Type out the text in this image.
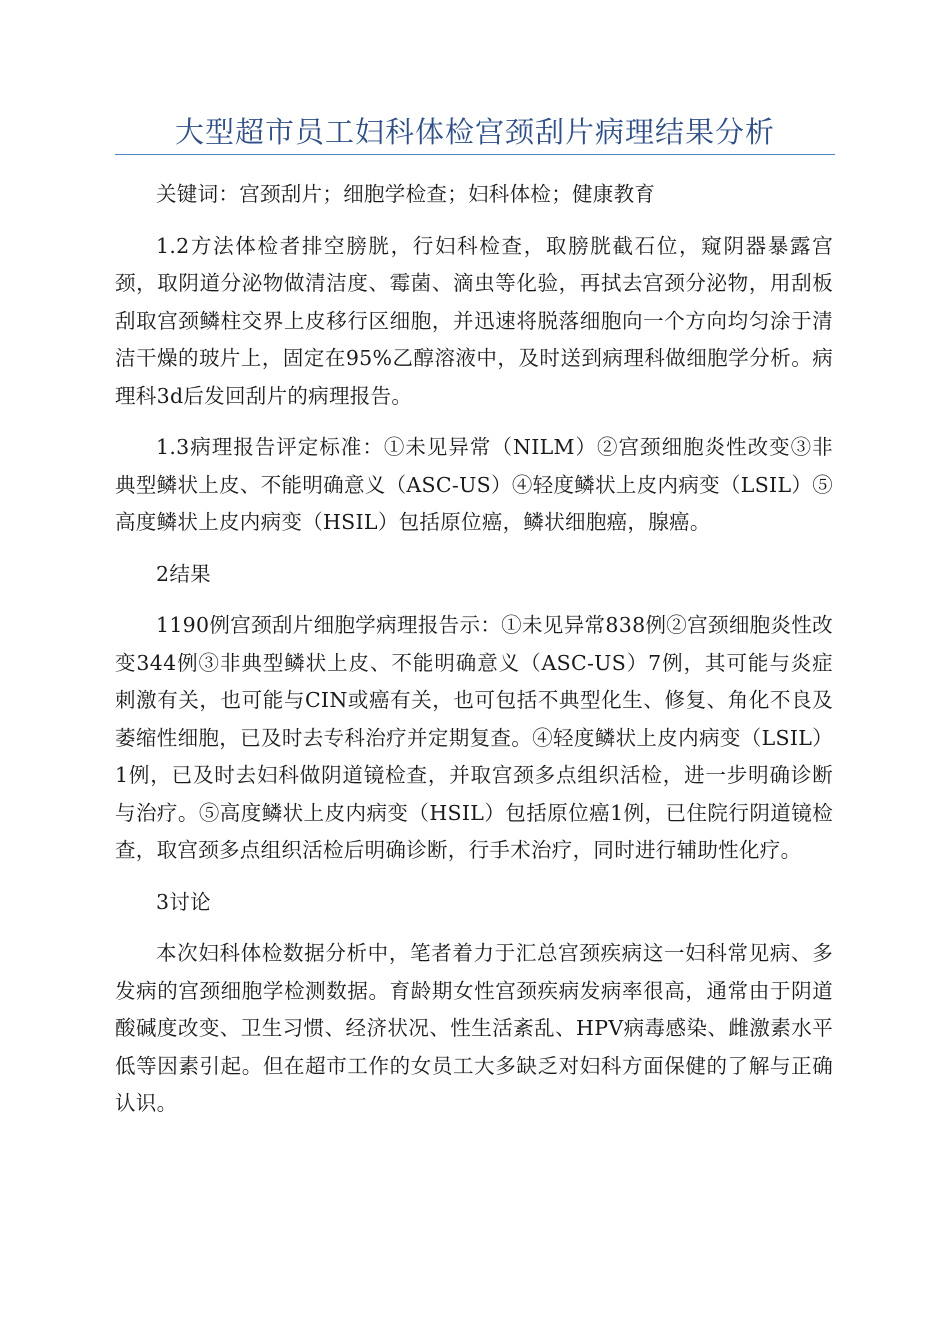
大型超市员工妇科体检宫颈刮片病理结果分析

关键词：宫颈刮片；细胞学检查；妇科体检；健康教育

1.2方法体检者排空膀胱，行妇科检查，取膀胱截石位，窥阴器暴露宫颈，取阴道分泌物做清洁度、霉菌、滴虫等化验，再拭去宫颈分泌物，用刮板刮取宫颈鳞柱交界上皮移行区细胞，并迅速将脱落细胞向一个方向均匀涂于清洁干燥的玻片上，固定在95%乙醇溶液中，及时送到病理科做细胞学分析。病理科3d后发回刮片的病理报告。

1.3病理报告评定标准：①未见异常（NILM）②宫颈细胞炎性改变③非典型鳞状上皮、不能明确意义（ASC-US）④轻度鳞状上皮内病变（LSIL）⑤高度鳞状上皮内病变（HSIL）包括原位癌，鳞状细胞癌，腺癌。

2结果

1190例宫颈刮片细胞学病理报告示：①未见异常838例②宫颈细胞炎性改变344例③非典型鳞状上皮、不能明确意义（ASC-US）7例，其可能与炎症刺激有关，也可能与CIN或癌有关，也可包括不典型化生、修复、角化不良及萎缩性细胞，已及时去专科治疗并定期复查。④轻度鳞状上皮内病变（LSIL）1例，已及时去妇科做阴道镜检查，并取宫颈多点组织活检，进一步明确诊断与治疗。⑤高度鳞状上皮内病变（HSIL）包括原位癌1例，已住院行阴道镜检查，取宫颈多点组织活检后明确诊断，行手术治疗，同时进行辅助性化疗。

3讨论

本次妇科体检数据分析中，笔者着力于汇总宫颈疾病这一妇科常见病、多发病的宫颈细胞学检测数据。育龄期女性宫颈疾病发病率很高，通常由于阴道酸碱度改变、卫生习惯、经济状况、性生活紊乱、HPV病毒感染、雌激素水平低等因素引起。但在超市工作的女员工大多缺乏对妇科方面保健的了解与正确认识。
